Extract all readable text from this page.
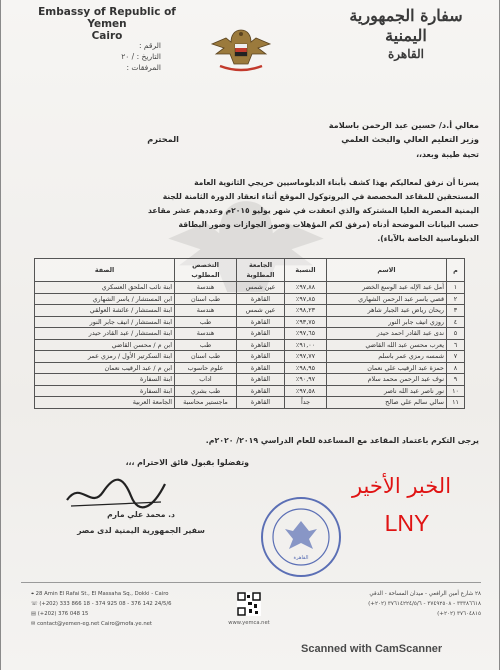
Embassy of Republic of Yemen
Cairo
الرقم :
التاريخ : / ٢٠
المرفقات :
سفارة الجمهورية اليمنية
القاهرة
معالي أ.د/ حسين عبد الرحمن باسلامة
وزير التعليم العالي والبحث العلمي
المحترم
تحية طيبة وبعد،،
يسرنا أن نرفق لمعاليكم بهذا كشف بأبناء الدبلوماسيين خريجي الثانوية العامة
المستحقين للمقاعد المخصصة في البروتوكول الموقع أثناء انعقاد الدورة الثامنة للجنة
اليمنية المصرية العليا المشتركة والذي انعقدت في شهر يوليو ٢٠١٥م وعددهم عشر مقاعد
حسب البيانات الموضحة أدناه (مرفق لكم المؤهلات وصور الجوازات وصور البطاقة
الدبلوماسية الخاصة بالآباء).
م	الاسم	النسبة	الجامعة المطلوبة	التخصص المطلوب	الصفة
١	أمل عبد الإله عبد الوسع الخضر	٩٧,٨٨٪	عين شمس	هندسة	ابنة نائب الملحق العسكري
٢	قصي ياسر عبد الرحمن الشهاري	٩٧,٨٥٪	القاهرة	طب اسنان	ابن المستشار / ياسر الشهاري
٣	ريحان رياض عبد الجبار شاهر	٩٨,٢٣٪	عين شمس	هندسة	ابنة المستشار / عائشة العولقي
٤	روزي انيف جابر النور	٩٣,٧٥٪	القاهرة	طب	ابنة المستشار / انيف جابر النور
٥	ندى عبد القادر احمد حيدر	٩٧,٦٥٪	القاهرة	هندسة	ابنة المستشار / عبد القادر حيدر
٦	يعرب محسن عبد الله القاضي	٩١,٠٠٪	القاهرة	طب	ابن م / محسن القاضي
٧	شمسه رمزي عمر باسلم	٩٧,٧٧٪	القاهرة	طب اسنان	ابنة السكرتير الأول / رمزي عمر
٨	حمزة عبد الرقيب علي نعمان	٩٨,٩٥٪	القاهرة	علوم حاسوب	ابن م / عبد الرقيب نعمان
٩	نوف عبد الرحمن محمد سلام	٩٠,٩٧٪	القاهرة	اداب	ابنة السفارة
١٠	نور ناصر عبد الله ناصر	٩٧,٥٨٪	القاهرة	طب بشري	ابنة السفارة
١١	سالي سالم علي صالح	جداً	القاهرة	ماجستير محاسبة	الجامعة العربية
يرجى التكرم باعتماد المقاعد مع المساعدة للعام الدراسي ٢٠١٩/ ٢٠٢٠م.
وتفضلوا بقبول فائق الاحترام ،،،
د. محمد علي مارم
سفير الجمهورية اليمنية لدى مصر
القاهرة
الخبر الأخير
LNY
⌖ 28 Amin El Rafai St., El Massaha Sq., Dokki - Cairo
☏ (+202) 333 866 18 - 374 925 08 - 376 142 24/5/6
▤ (+202) 376 048 15
✉ contact@yemen-eg.net Cairo@mofa.ye.net	www.yemca.net
٢٨ شارع أمين الرافعي - ميدان المساحة - الدقي
٣٣٣٨٦٦١٨ - ٣٧٤٩٢٥٠٨ - ٣٧٦١٤٢٢٤/٥/٦ (٢٠٢+)
٣٧٦٠٤٨١٥ (٢٠٢+)
Scanned with CamScanner
